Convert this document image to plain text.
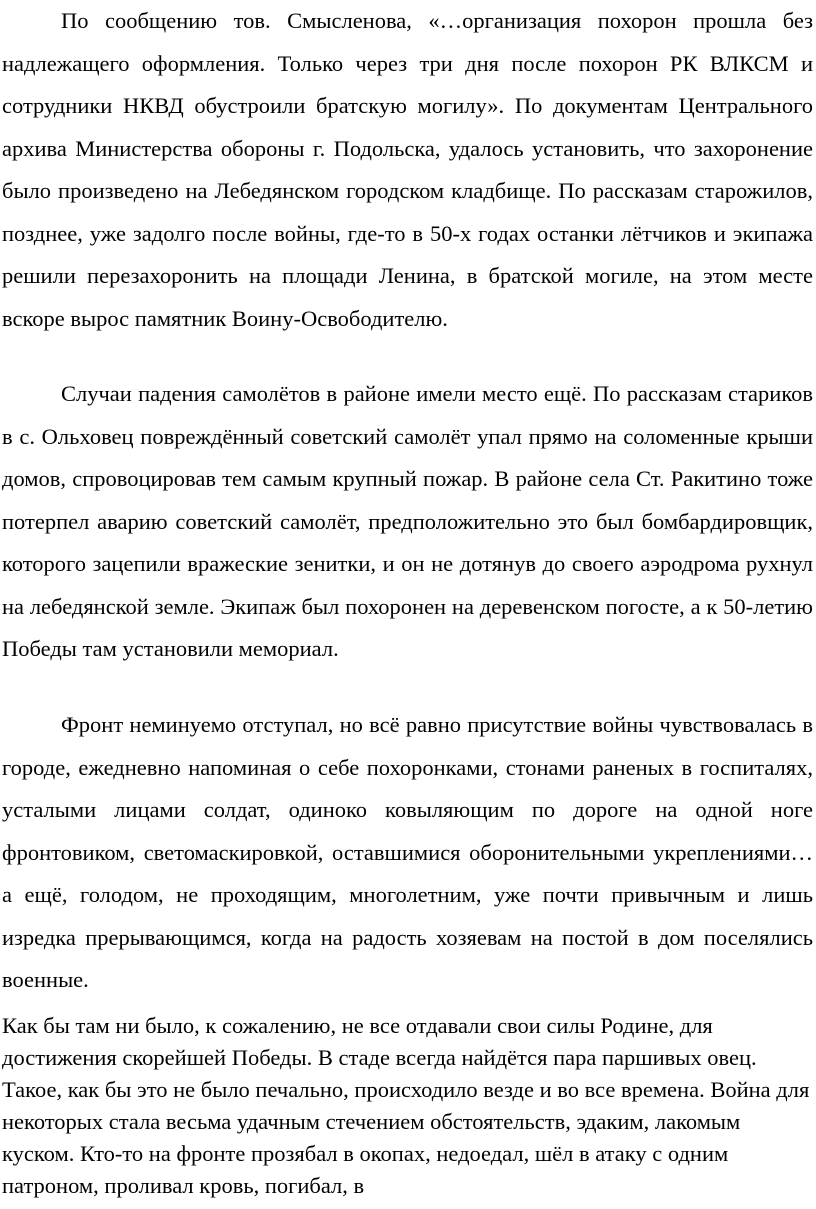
По сообщению тов. Смысленова, «…организация похорон прошла без надлежащего оформления. Только через три дня после похорон РК ВЛКСМ и сотрудники НКВД обустроили братскую могилу». По документам Центрального архива Министерства обороны г. Подольска, удалось установить, что захоронение было произведено на Лебедянском городском кладбище. По рассказам старожилов, позднее, уже задолго после войны, где-то в 50-х годах останки лётчиков и экипажа решили перезахоронить на площади Ленина, в братской могиле, на этом месте вскоре вырос памятник Воину-Освободителю.

Случаи падения самолётов в районе имели место ещё. По рассказам стариков в с. Ольховец повреждённый советский самолёт упал прямо на соломенные крыши домов, спровоцировав тем самым крупный пожар. В районе села Ст. Ракитино тоже потерпел аварию советский самолёт, предположительно это был бомбардировщик, которого зацепили вражеские зенитки, и он не дотянув до своего аэродрома рухнул на лебедянской земле. Экипаж был похоронен на деревенском погосте, а к 50-летию Победы там установили мемориал.

Фронт неминуемо отступал, но всё равно присутствие войны чувствовалась в городе, ежедневно напоминая о себе похоронками, стонами раненых в госпиталях, усталыми лицами солдат, одиноко ковыляющим по дороге на одной ноге фронтовиком, светомаскировкой, оставшимися оборонительными укреплениями… а ещё, голодом, не проходящим, многолетним, уже почти привычным и лишь изредка прерывающимся, когда на радость хозяевам на постой в дом поселялись военные.

Как бы там ни было, к сожалению, не все отдавали свои силы Родине, для достижения скорейшей Победы. В стаде всегда найдётся пара паршивых овец. Такое, как бы это не было печально, происходило везде и во все времена. Война для некоторых стала весьма удачным стечением обстоятельств, эдаким, лакомым куском. Кто-то на фронте прозябал в окопах, недоедал, шёл в атаку с одним патроном, проливал кровь, погибал, в
